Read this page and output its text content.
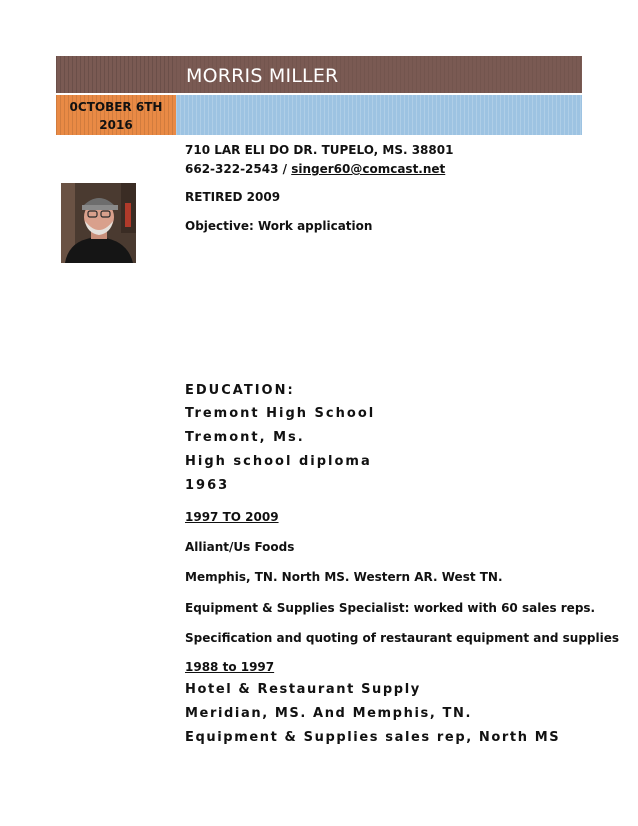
MORRIS MILLER
0CTOBER 6TH
2016
710 LAR ELI DO DR. TUPELO, MS. 38801
662-322-2543 / singer60@comcast.net
RETIRED 2009
Objective: Work application
EDUCATION:
Tremont High School
Tremont, Ms.
High school diploma
1963
1997 TO 2009
Alliant/Us Foods
Memphis, TN. North MS. Western AR. West TN.
Equipment & Supplies Specialist: worked with 60 sales reps.
Specification and quoting of restaurant equipment and supplies
1988 to 1997
Hotel & Restaurant Supply
Meridian, MS. And Memphis, TN.
Equipment & Supplies sales rep, North MS
